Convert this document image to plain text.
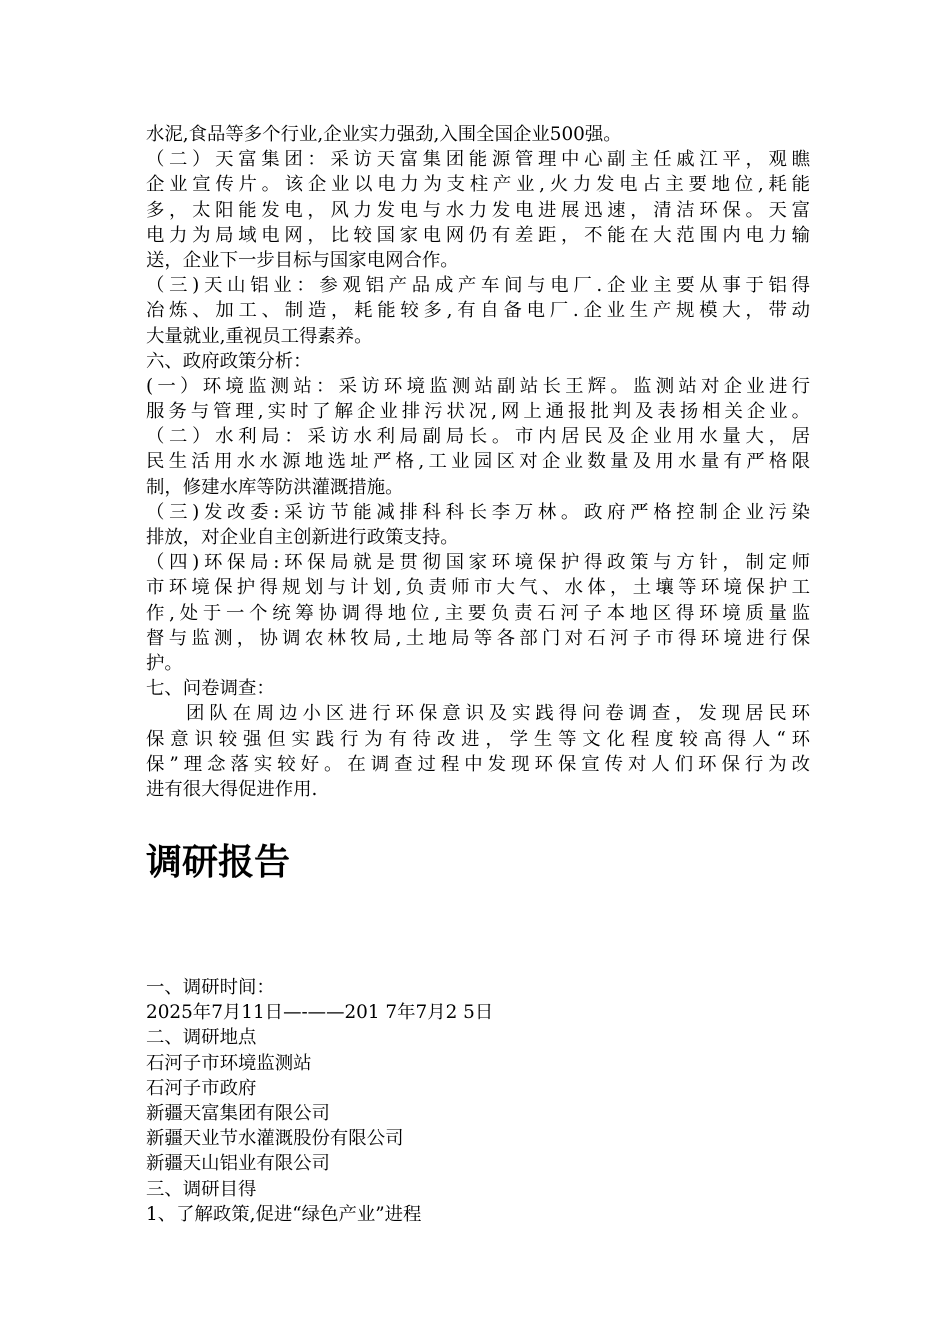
水泥,食品等多个行业,企业实力强劲,入围全国企业500强。
（二）天富集团：采访天富集团能源管理中心副主任戚江平，观瞧
企业宣传片。该企业以电力为支柱产业,火力发电占主要地位,耗能
多，太阳能发电，风力发电与水力发电进展迅速，清洁环保。天富
电力为局域电网，比较国家电网仍有差距，不能在大范围内电力输
送，企业下一步目标与国家电网合作。
（三)天山铝业：参观铝产品成产车间与电厂.企业主要从事于铝得
冶炼、加工、制造，耗能较多,有自备电厂.企业生产规模大，带动
大量就业,重视员工得素养。
六、政府政策分析：
(一）环境监测站：采访环境监测站副站长王辉。监测站对企业进行
服务与管理,实时了解企业排污状况,网上通报批判及表扬相关企业。
（二）水利局：采访水利局副局长。市内居民及企业用水量大，居
民生活用水水源地选址严格,工业园区对企业数量及用水量有严格限
制，修建水库等防洪灌溉措施。
（三)发改委:采访节能减排科科长李万林。政府严格控制企业污染
排放，对企业自主创新进行政策支持。
（四)环保局:环保局就是贯彻国家环境保护得政策与方针，制定师
市环境保护得规划与计划,负责师市大气、水体，土壤等环境保护工
作,处于一个统筹协调得地位,主要负责石河子本地区得环境质量监
督与监测，协调农林牧局,土地局等各部门对石河子市得环境进行保
护。
七、问卷调查：
团队在周边小区进行环保意识及实践得问卷调查，发现居民环
保意识较强但实践行为有待改进，学生等文化程度较高得人“环
保”理念落实较好。在调查过程中发现环保宣传对人们环保行为改
进有很大得促进作用.
调研报告
一、调研时间：
2025年7月11日—-——201 7年7月2 5日
二、调研地点
石河子市环境监测站
石河子市政府
新疆天富集团有限公司
新疆天业节水灌溉股份有限公司
新疆天山铝业有限公司
三、调研目得
1、了解政策,促进“绿色产业”进程
